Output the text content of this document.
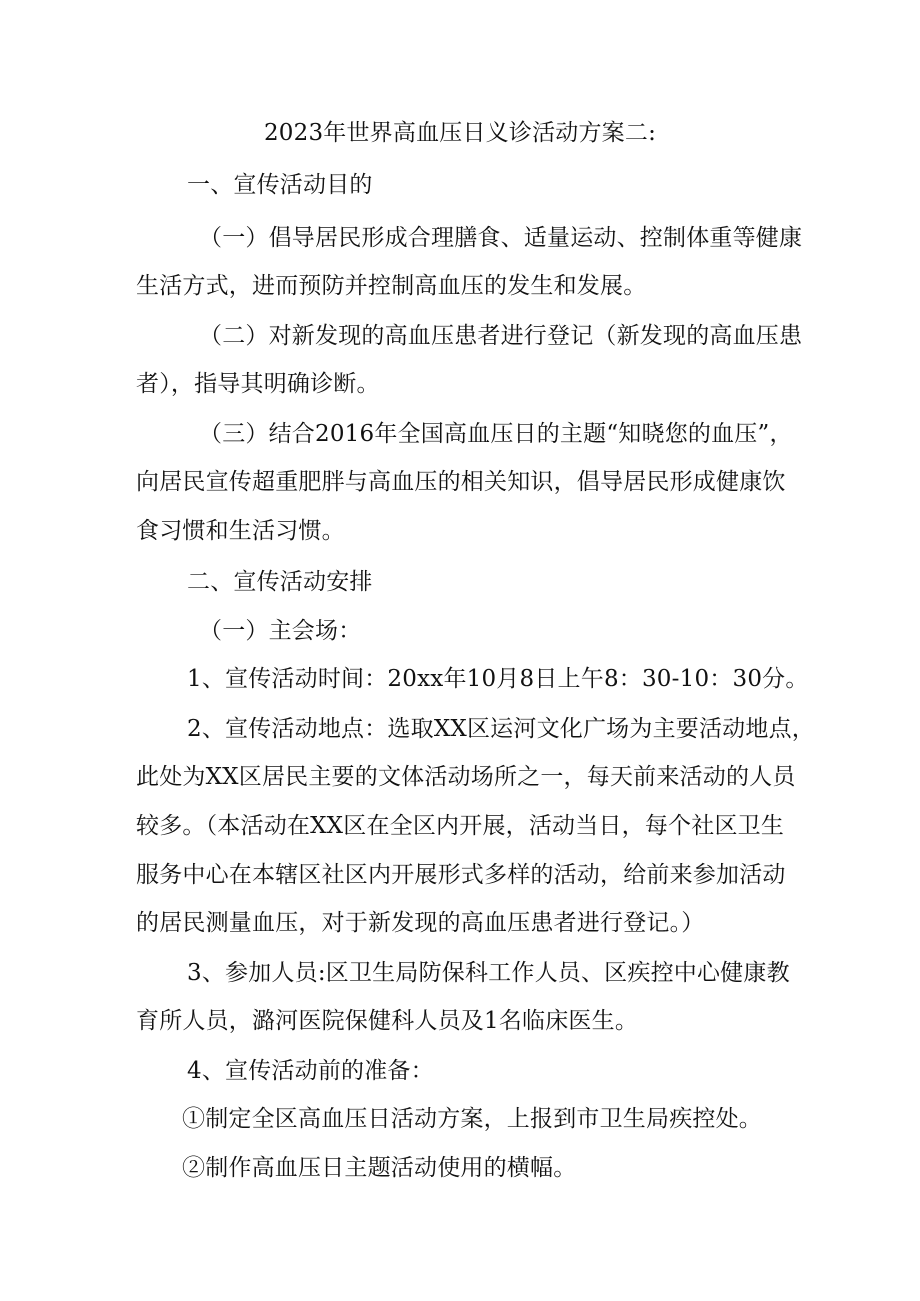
2023年世界高血压日义诊活动方案二:
一、宣传活动目的
（一）倡导居民形成合理膳食、适量运动、控制体重等健康
生活方式，进而预防并控制高血压的发生和发展。
（二）对新发现的高血压患者进行登记（新发现的高血压患
者），指导其明确诊断。
（三）结合2016年全国高血压日的主题“知晓您的血压”，
向居民宣传超重肥胖与高血压的相关知识，倡导居民形成健康饮
食习惯和生活习惯。
二、宣传活动安排
（一）主会场：
1、宣传活动时间：20xx年10月8日上午8：30-10：30分。
2、宣传活动地点：选取XX区运河文化广场为主要活动地点，
此处为XX区居民主要的文体活动场所之一，每天前来活动的人员
较多。（本活动在XX区在全区内开展，活动当日，每个社区卫生
服务中心在本辖区社区内开展形式多样的活动，给前来参加活动
的居民测量血压，对于新发现的高血压患者进行登记。）
3、参加人员:区卫生局防保科工作人员、区疾控中心健康教
育所人员，潞河医院保健科人员及1名临床医生。
4、宣传活动前的准备：
①制定全区高血压日活动方案，上报到市卫生局疾控处。
②制作高血压日主题活动使用的横幅。
